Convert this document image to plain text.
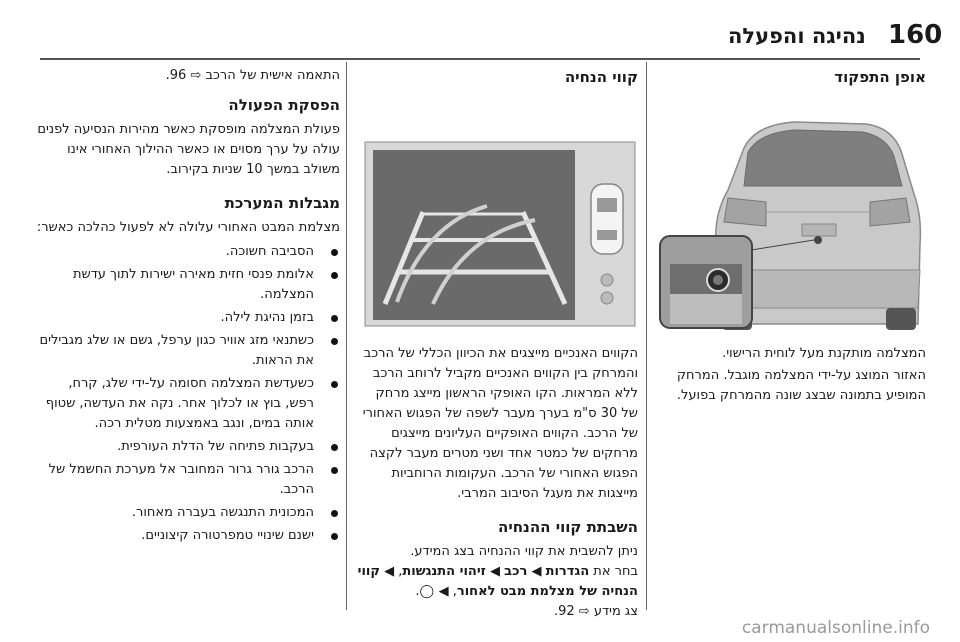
160
נהיגה והפעלה
אופן התפקוד

המצלמה מותקנת מעל לוחית הרישוי.

האזור המוצג על-ידי המצלמה מוגבל. המרחק המופיע בתמונה שבצג שונה מהמרחק בפועל.

קווי הנחיה

הקווים האנכיים מייצגים את הכיוון הכללי של הרכב והמרחק בין הקווים האנכיים מקביל לרוחב הרכב ללא המראות. הקו האופקי הראשון מייצג מרחק של 30 ס"מ בערך מעבר לשפה של הפגוש האחורי של הרכב. הקווים האופקיים העליונים מייצגים מרחקים של כמטר אחד ושני מטרים מעבר לקצה הפגוש האחורי של הרכב. העקומות הרוחביות מייצגות את מעגל הסיבוב המרבי.

השבתת קווי ההנחיה

ניתן להשבית את קווי ההנחיה בצג המידע.

בחר את הגדרות ◀ רכב ◀ זיהוי התנגשות, ◀ קווי הנחיה של מצלמת מבט לאחור, ◀ ◯.

צג מידע ⇨ 92.

התאמה אישית של הרכב ⇨ 96.

הפסקת הפעולה

פעולת המצלמה מופסקת כאשר מהירות הנסיעה לפנים עולה על ערך מסוים או כאשר ההילוך האחורי אינו משולב במשך 10 שניות בקירוב.

מגבלות המערכת

מצלמת המבט האחורי עלולה לא לפעול כהלכה כאשר:

הסביבה חשוכה.
אלומת פנסי חזית מאירה ישירות לתוך עדשת המצלמה.
בזמן נהיגת לילה.
כשתנאי מזג אוויר כגון ערפל, גשם או שלג מגבילים את הראות.
כשעדשת המצלמה חסומה על-ידי שלג, קרח, רפש, בוץ או לכלוך אחר. נקה את העדשה, שטוף אותה במים, ונגב באמצעות מטלית רכה.
בעקבות פתיחה של הדלת העורפית.
הרכב גורר גרור המחובר אל מערכת החשמל של הרכב.
המכונית התנגשה בעברה מאחור.
ישנם שינויי טמפרטורה קיצוניים.
carmanualsonline.info
